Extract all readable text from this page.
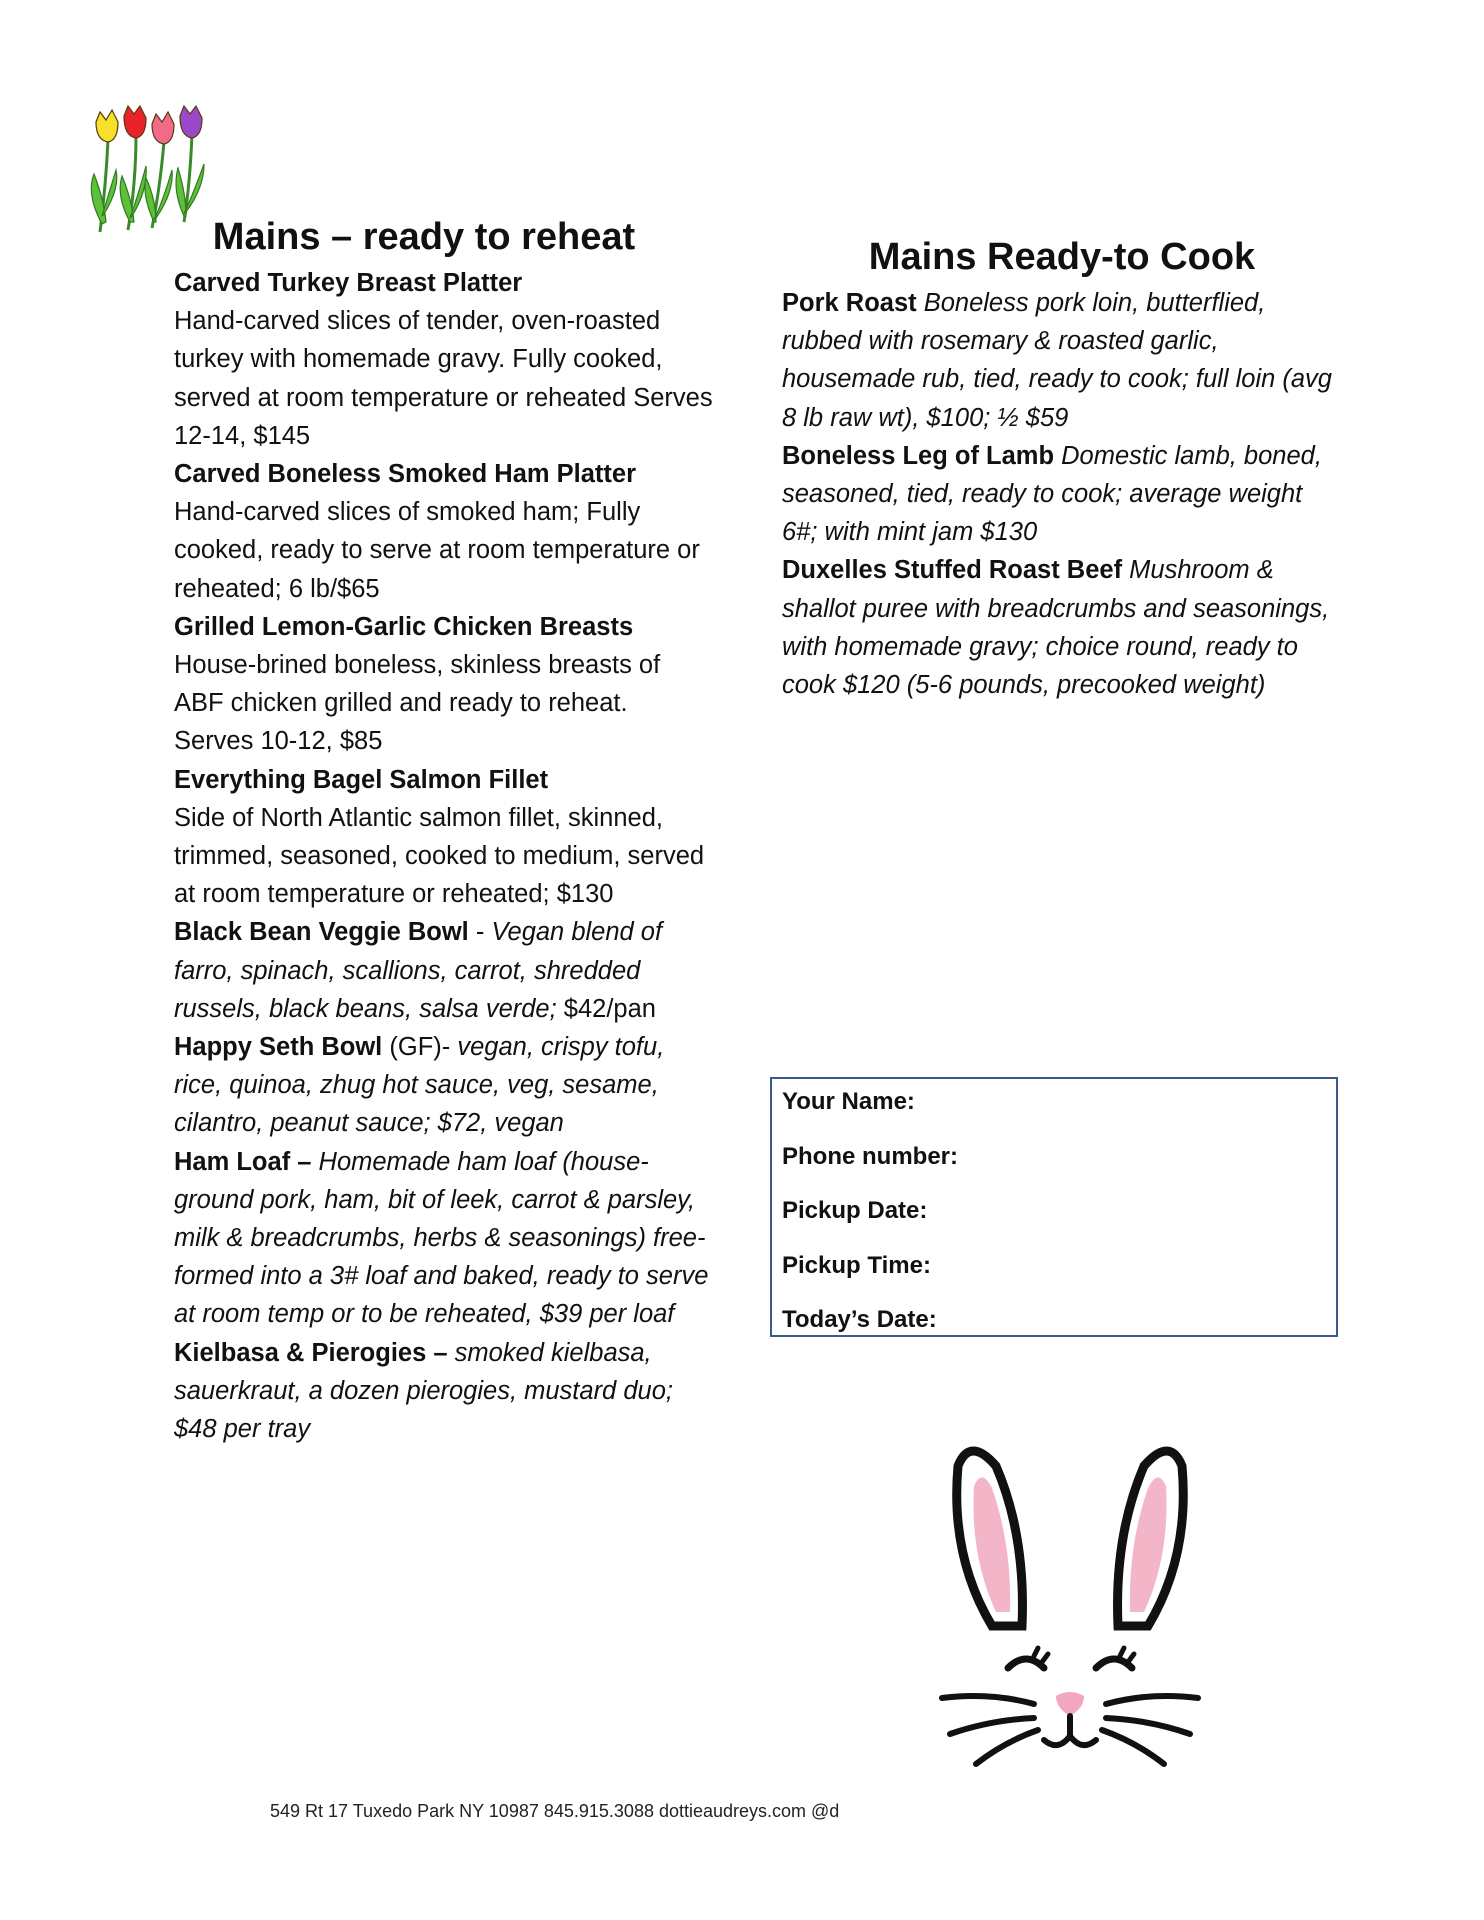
Mains – ready to reheat
Carved Turkey Breast Platter
Hand-carved slices of tender, oven-roasted turkey with homemade gravy. Fully cooked, served at room temperature or reheated Serves 12-14, $145
Carved Boneless Smoked Ham Platter
Hand-carved slices of smoked ham; Fully cooked, ready to serve at room temperature or reheated; 6 lb/$65
Grilled Lemon-Garlic Chicken Breasts
House-brined boneless, skinless breasts of ABF chicken grilled and ready to reheat. Serves 10-12, $85
Everything Bagel Salmon Fillet
Side of North Atlantic salmon fillet, skinned, trimmed, seasoned, cooked to medium, served at room temperature or reheated; $130
Black Bean Veggie Bowl - Vegan blend of farro, spinach, scallions, carrot, shredded russels, black beans, salsa verde; $42/pan
Happy Seth Bowl (GF)- vegan, crispy tofu, rice, quinoa, zhug hot sauce, veg, sesame, cilantro, peanut sauce; $72, vegan
Ham Loaf – Homemade ham loaf (house-ground pork, ham, bit of leek, carrot & parsley, milk & breadcrumbs, herbs & seasonings) free-formed into a 3# loaf and baked, ready to serve at room temp or to be reheated, $39 per loaf
Kielbasa & Pierogies – smoked kielbasa, sauerkraut, a dozen pierogies, mustard duo; $48 per tray
Mains Ready-to Cook
Pork Roast Boneless pork loin, butterflied, rubbed with rosemary & roasted garlic, housemade rub, tied, ready to cook; full loin (avg 8 lb raw wt), $100; ½ $59
Boneless Leg of Lamb Domestic lamb, boned, seasoned, tied, ready to cook; average weight 6#; with mint jam $130
Duxelles Stuffed Roast Beef Mushroom & shallot puree with breadcrumbs and seasonings, with homemade gravy; choice round, ready to cook $120 (5-6 pounds, precooked weight)
Your Name:
Phone number:
Pickup Date:
Pickup Time:
Today’s Date:
549 Rt 17 Tuxedo Park NY 10987 845.915.3088 dottieaudreys.com @d
